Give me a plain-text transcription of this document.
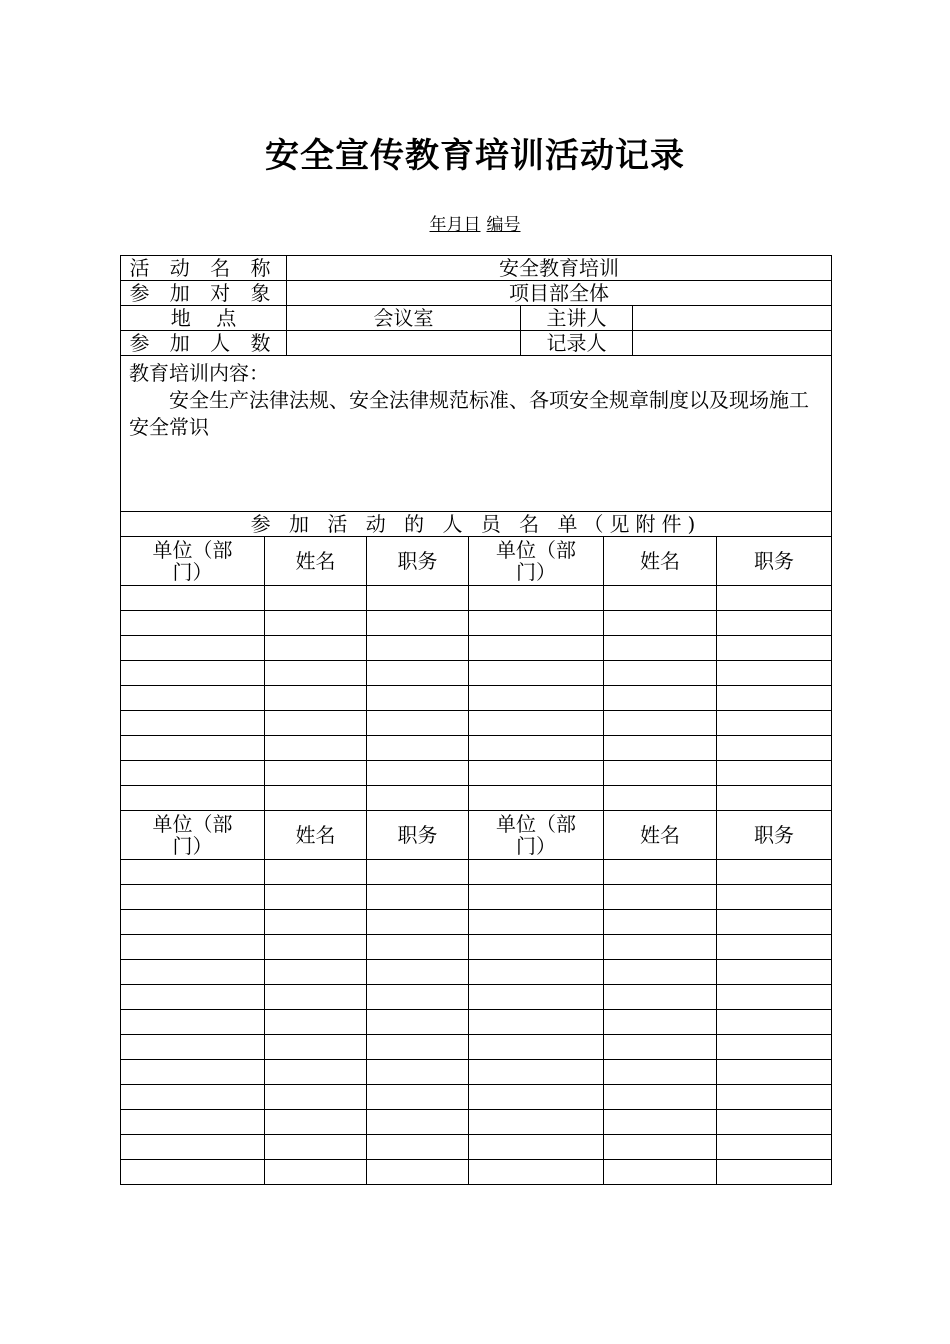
安全宣传教育培训活动记录
年月日 编号
活 动 名 称	安全教育培训		
参 加 对 象	项目部全体		
地    点	会议室	主讲人	
参 加 人 数		记录人	

教育培训内容：
安全生产法律法规、安全法律规范标准、各项安全规章制度以及现场施工安全常识			

参 加 活 动 的 人 员 名 单（见附件)			
单位（部门）	姓名	职务	单位（部门）	姓名	职务

单位（部门）	姓名	职务	单位（部门）	姓名	职务
